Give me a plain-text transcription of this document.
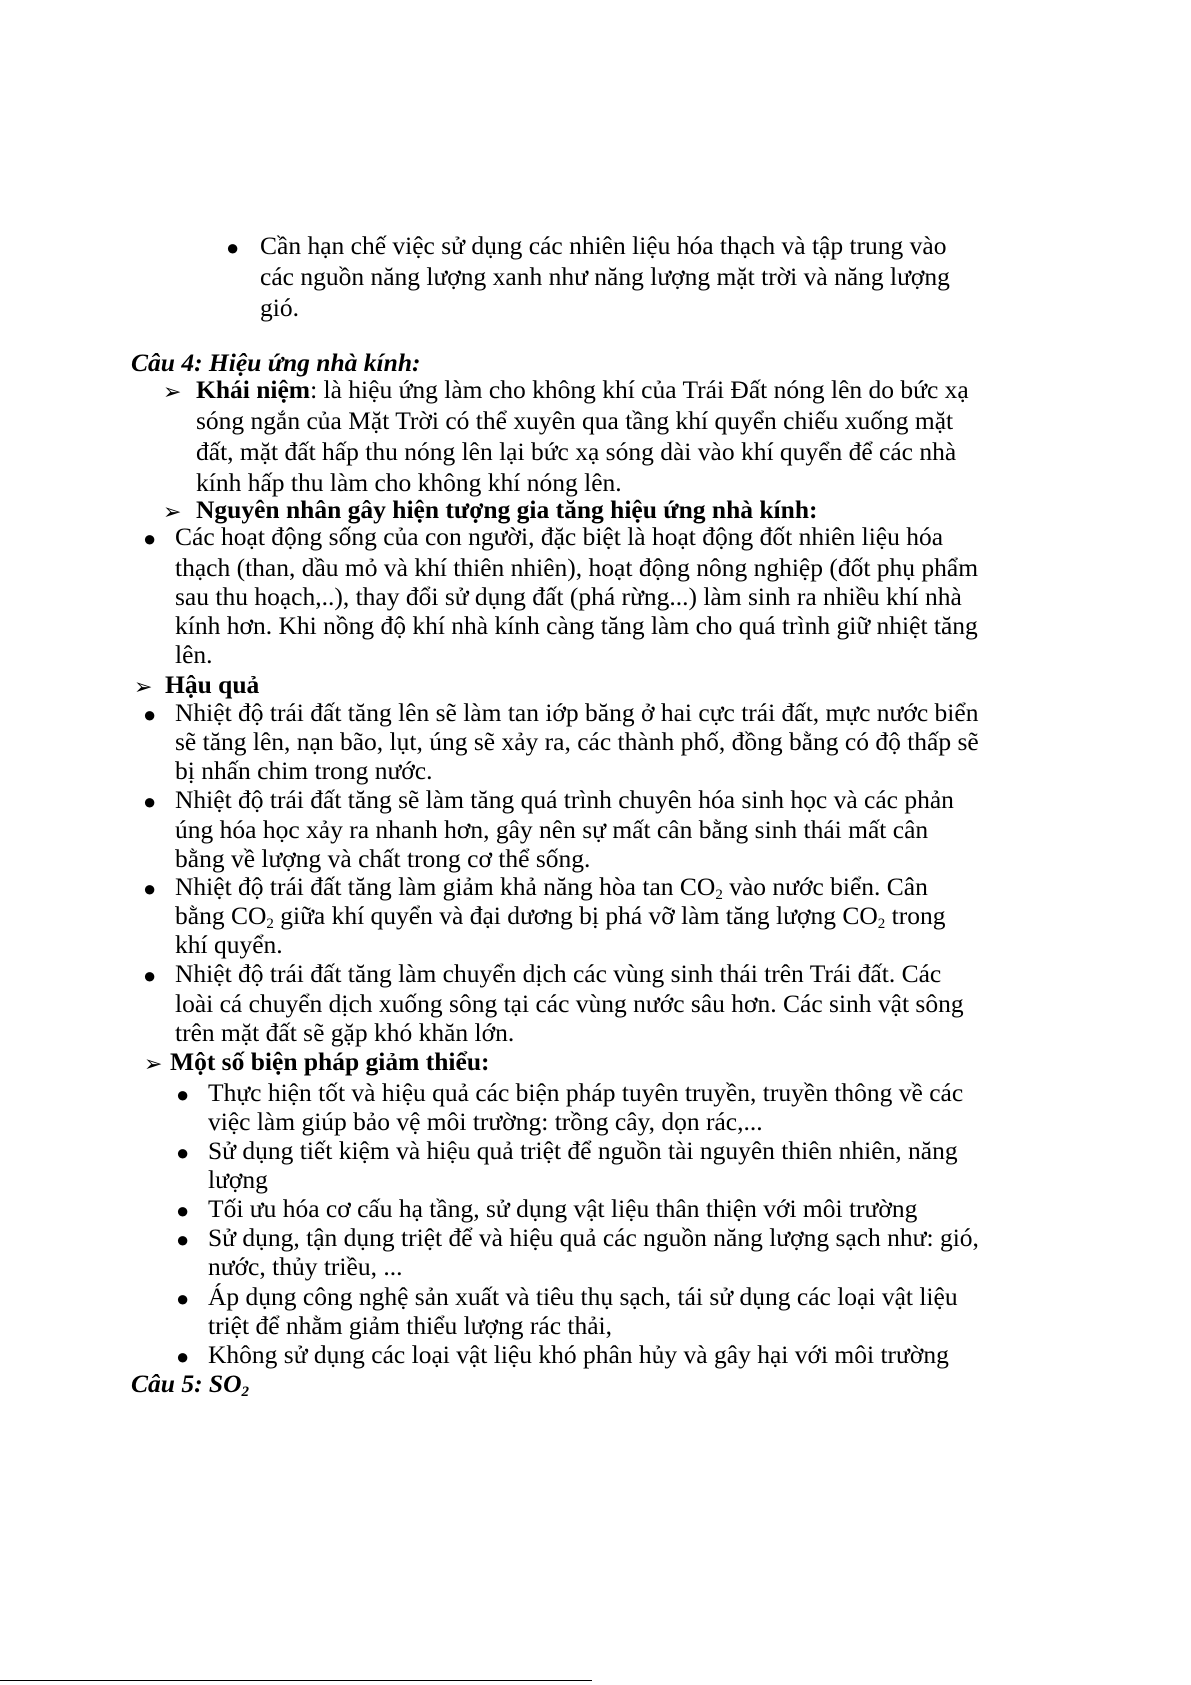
● Cần hạn chế việc sử dụng các nhiên liệu hóa thạch và tập trung vào
các nguồn năng lượng xanh như năng lượng mặt trời và năng lượng
gió.
Câu 4: Hiệu ứng nhà kính:
➢ Khái niệm: là hiệu ứng làm cho không khí của Trái Đất nóng lên do bức xạ
sóng ngắn của Mặt Trời có thể xuyên qua tầng khí quyển chiếu xuống mặt
đất, mặt đất hấp thu nóng lên lại bức xạ sóng dài vào khí quyển để các nhà
kính hấp thu làm cho không khí nóng lên.
➢ Nguyên nhân gây hiện tượng gia tăng hiệu ứng nhà kính:
● Các hoạt động sống của con người, đặc biệt là hoạt động đốt nhiên liệu hóa
thạch (than, dầu mỏ và khí thiên nhiên), hoạt động nông nghiệp (đốt phụ phẩm
sau thu hoạch,..), thay đổi sử dụng đất (phá rừng...) làm sinh ra nhiều khí nhà
kính hơn. Khi nồng độ khí nhà kính càng tăng làm cho quá trình giữ nhiệt tăng
lên.
➢ Hậu quả
● Nhiệt độ trái đất tăng lên sẽ làm tan iớp băng ở hai cực trái đất, mực nước biển
sẽ tăng lên, nạn bão, lụt, úng sẽ xảy ra, các thành phố, đồng bằng có độ thấp sẽ
bị nhấn chim trong nước.
● Nhiệt độ trái đất tăng sẽ làm tăng quá trình chuyên hóa sinh học và các phản
úng hóa học xảy ra nhanh hơn, gây nên sự mất cân bằng sinh thái mất cân
bằng về lượng và chất trong cơ thể sống.
● Nhiệt độ trái đất tăng làm giảm khả năng hòa $\tan CO_2$ vào nước biển. Cân
bằng $CO_2$ giữa khí quyển và đại dương bị phá vỡ làm tăng lượng $CO_2$ trong
khí quyển.
● Nhiệt độ trái đất tăng làm chuyển dịch các vùng sinh thái trên Trái đất. Các
loài cá chuyển dịch xuống sông tại các vùng nước sâu hơn. Các sinh vật sông
trên mặt đất sẽ gặp khó khăn lớn.
➢ Một số biện pháp giảm thiểu:
● Thực hiện tốt và hiệu quả các biện pháp tuyên truyền, truyền thông về các
việc làm giúp bảo vệ môi trường: trồng cây, dọn rác,...
● Sử dụng tiết kiệm và hiệu quả triệt để nguồn tài nguyên thiên nhiên, năng
lượng
● Tối ưu hóa cơ cấu hạ tầng, sử dụng vật liệu thân thiện với môi trường
● Sử dụng, tận dụng triệt để và hiệu quả các nguồn năng lượng sạch như: gió,
nước, thủy triều, ...
● Áp dụng công nghệ sản xuất và tiêu thụ sạch, tái sử dụng các loại vật liệu
triệt để nhằm giảm thiểu lượng rác thải,
● Không sử dụng các loại vật liệu khó phân hủy và gây hại với môi trường
Câu 5: $SO_2$
